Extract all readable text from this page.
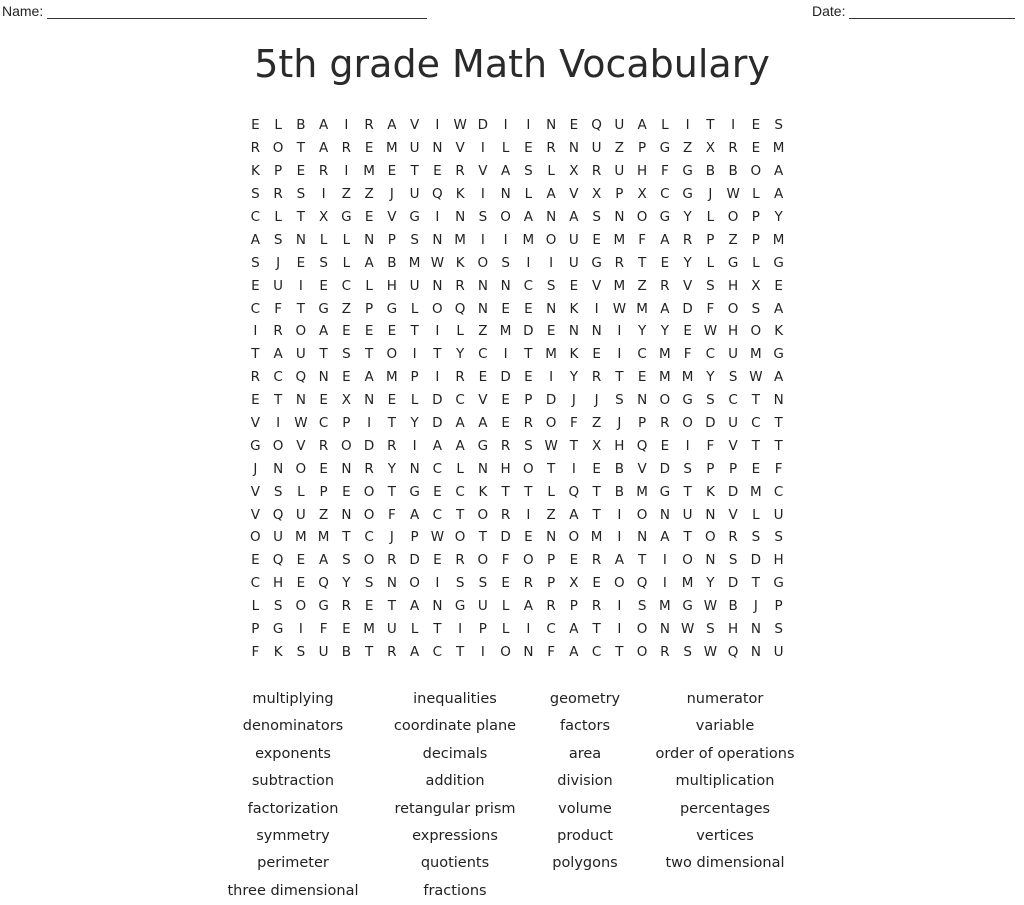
Name:	Date:
5th grade Math Vocabulary
E	L	B	A	I	R A	V	I	W D	I	I	N E Q U A	L	I	T	I	E	S
R O T	A R	E M U N V	I	L	E	R N U Z	P G Z	X R	E M
K	P	E	R	I	M E	T	E	R V	A	S	L	X R U H	F	G B B O A
S	R	S	I	Z	Z	J	U Q K	I	N	L	A	V	X	P	X C G	J	W L	A
C	L	T	X G E	V G	I	N S O A N A	S N O G Y	L	O P	Y
A	S N	L	L	N	P	S N M	I	I	M O U	E M F	A R	P	Z	P M
S	J	E	S	L	A B M W K O S	I	I	U G R	T	E	Y	L	G	L	G
E	U	I	E	C	L	H U N R N N C	S	E	V M Z R V	S H X	E
C	F	T G Z	P G	L	O Q N E	E N K	I	W M A D	F	O S	A
I	R O A	E	E	E	T	I	L	Z M D E N N	I	Y	Y	E W H O K
T	A U	T	S	T O	I	T	Y	C	I	T M K	E	I	C M F	C U M G
R C Q N E	A M P	I	R	E D E	I	Y	R	T	E M M Y	S W A
E	T	N E	X N E	L	D C V	E	P D	J	J	S N O G S	C	T	N
V	I	W C	P	I	T	Y D A	A	E	R O	F	Z	J	P	R O D U C	T
G O V R O D R	I	A	A G R	S W T	X H Q E	I	F	V	T	T
J	N O E N R	Y	N C	L	N H O T	I	E	B	V D S	P	P	E	F
V	S	L	P	E O T G E	C	K	T	T	L	Q T	B M G T	K D M C
V Q U Z N O	F	A C	T O R	I	Z	A	T	I	O N U N V	L	U
O U M M T	C	J	P W O T D E N O M	I	N A	T O R	S	S
E Q E	A	S O R D E	R O	F	O P	E	R A	T	I	O N S D H
C H E Q Y	S N O	I	S	S	E	R	P	X	E O Q	I	M Y D T G
L	S O G R	E	T	A N G U	L	A R	P	R	I	S M G W B	J	P
P G	I	F	E M U	L	T	I	P	L	I	C A	T	I	O N W S H N S
F	K	S	U B	T	R A C	T	I	O N	F	A C	T O R	S W Q N U
multiplying
denominators
exponents
subtraction
factorization
symmetry
perimeter
three dimensional
inequalities
coordinate plane
decimals
addition
retangular prism
expressions
quotients
fractions
geometry
factors
area
division
volume
product
polygons
numerator
variable
order of operations
multiplication
percentages
vertices
two dimensional
